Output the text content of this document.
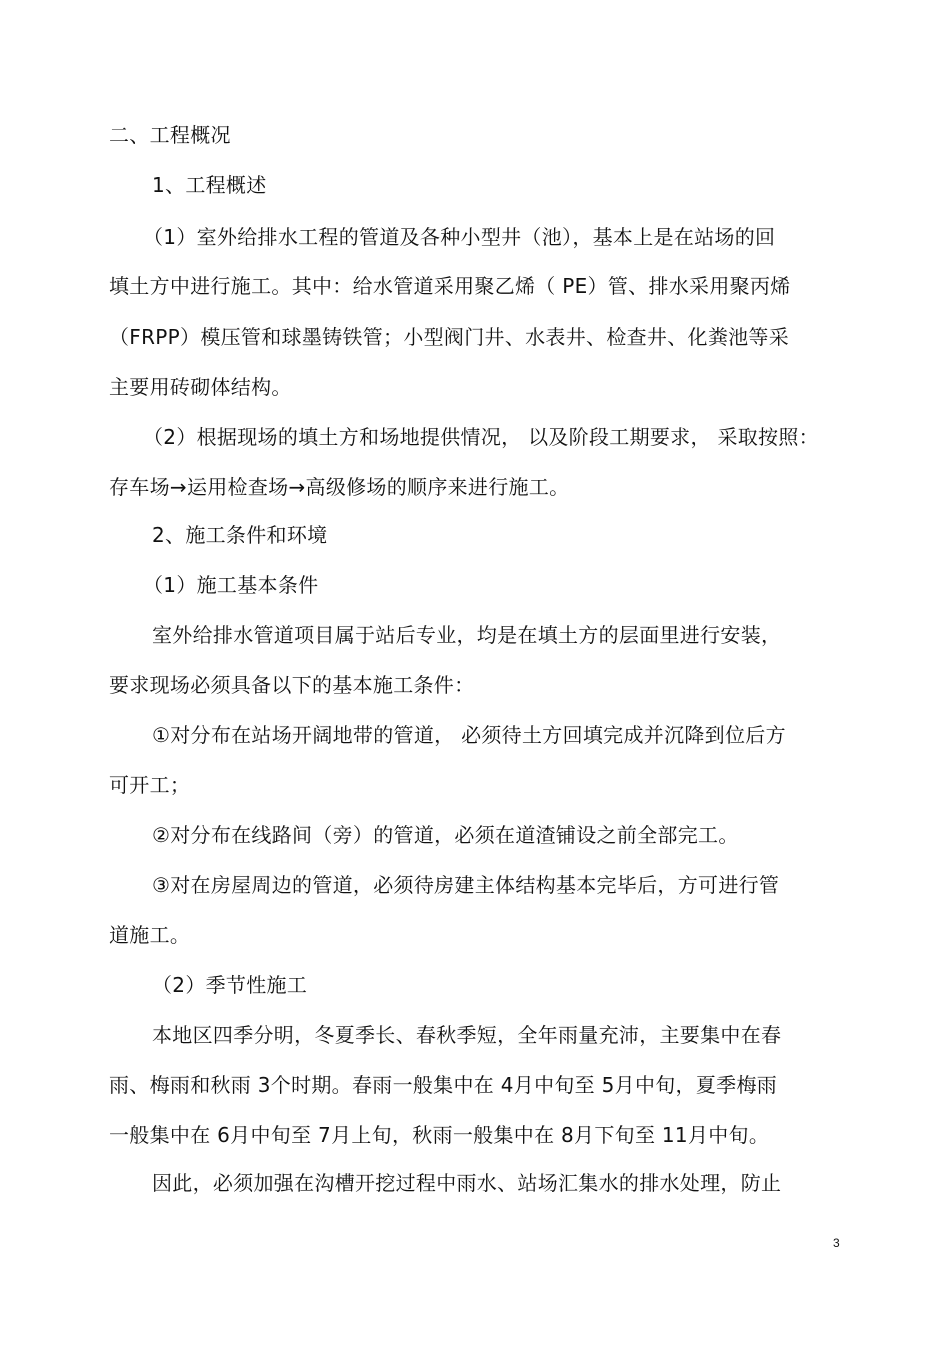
二、工程概况
1、工程概述
（1）室外给排水工程的管道及各种小型井（池），基本上是在站场的回
填土方中进行施工。其中：给水管道采用聚乙烯（ PE）管、排水采用聚丙烯
（FRPP）模压管和球墨铸铁管；小型阀门井、水表井、检查井、化粪池等采
主要用砖砌体结构。
（2）根据现场的填土方和场地提供情况， 以及阶段工期要求， 采取按照：
存车场→运用检查场→高级修场的顺序来进行施工。
2、施工条件和环境
（1）施工基本条件
室外给排水管道项目属于站后专业，均是在填土方的层面里进行安装，
要求现场必须具备以下的基本施工条件：
①对分布在站场开阔地带的管道， 必须待土方回填完成并沉降到位后方
可开工；
②对分布在线路间（旁）的管道，必须在道渣铺设之前全部完工。
③对在房屋周边的管道，必须待房建主体结构基本完毕后，方可进行管
道施工。
（2）季节性施工
本地区四季分明，冬夏季长、春秋季短，全年雨量充沛，主要集中在春
雨、梅雨和秋雨 3个时期。春雨一般集中在 4月中旬至 5月中旬，夏季梅雨
一般集中在 6月中旬至 7月上旬，秋雨一般集中在 8月下旬至 11月中旬。
因此，必须加强在沟槽开挖过程中雨水、站场汇集水的排水处理，防止
3
